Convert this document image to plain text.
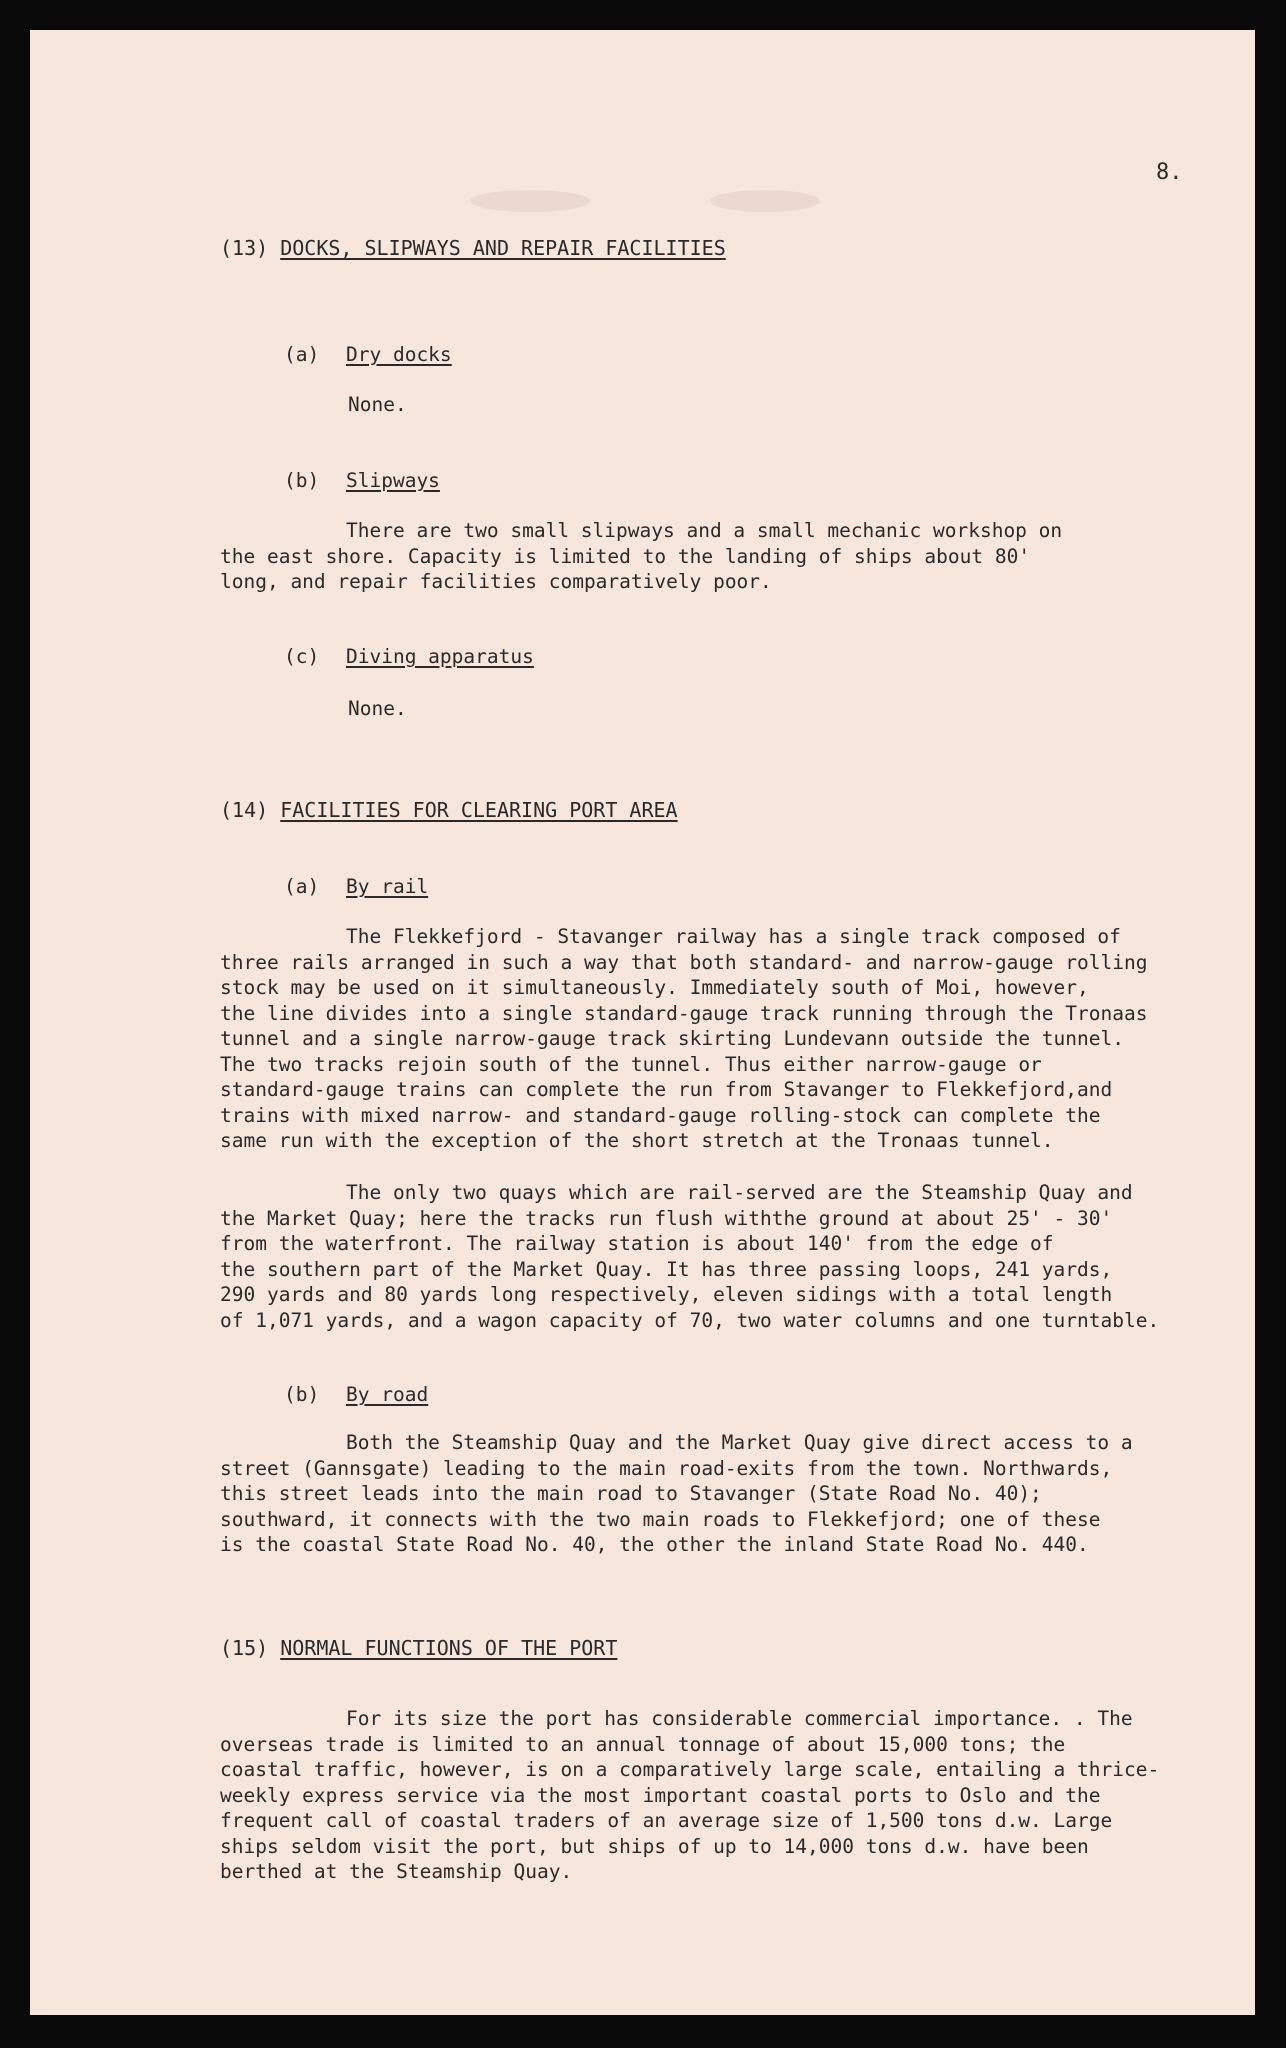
8.
(13) DOCKS, SLIPWAYS AND REPAIR FACILITIES
(a) Dry docks
None.
(b) Slipways
There are two small slipways and a small mechanic workshop on
the east shore. Capacity is limited to the landing of ships about 80'
long, and repair facilities comparatively poor.
(c) Diving apparatus
None.
(14) FACILITIES FOR CLEARING PORT AREA
(a) By rail
The Flekkefjord - Stavanger railway has a single track composed of
three rails arranged in such a way that both standard- and narrow-gauge rolling
stock may be used on it simultaneously. Immediately south of Moi, however,
the line divides into a single standard-gauge track running through the Tronaas
tunnel and a single narrow-gauge track skirting Lundevann outside the tunnel.
The two tracks rejoin south of the tunnel. Thus either narrow-gauge or
standard-gauge trains can complete the run from Stavanger to Flekkefjord,and
trains with mixed narrow- and standard-gauge rolling-stock can complete the
same run with the exception of the short stretch at the Tronaas tunnel.
The only two quays which are rail-served are the Steamship Quay and
the Market Quay; here the tracks run flush withthe ground at about 25' - 30'
from the waterfront. The railway station is about 140' from the edge of
the southern part of the Market Quay. It has three passing loops, 241 yards,
290 yards and 80 yards long respectively, eleven sidings with a total length
of 1,071 yards, and a wagon capacity of 70, two water columns and one turntable.
(b) By road
Both the Steamship Quay and the Market Quay give direct access to a
street (Gannsgate) leading to the main road-exits from the town. Northwards,
this street leads into the main road to Stavanger (State Road No. 40);
southward, it connects with the two main roads to Flekkefjord; one of these
is the coastal State Road No. 40, the other the inland State Road No. 440.
(15) NORMAL FUNCTIONS OF THE PORT
For its size the port has considerable commercial importance. . The
overseas trade is limited to an annual tonnage of about 15,000 tons; the
coastal traffic, however, is on a comparatively large scale, entailing a thrice-
weekly express service via the most important coastal ports to Oslo and the
frequent call of coastal traders of an average size of 1,500 tons d.w. Large
ships seldom visit the port, but ships of up to 14,000 tons d.w. have been
berthed at the Steamship Quay.
